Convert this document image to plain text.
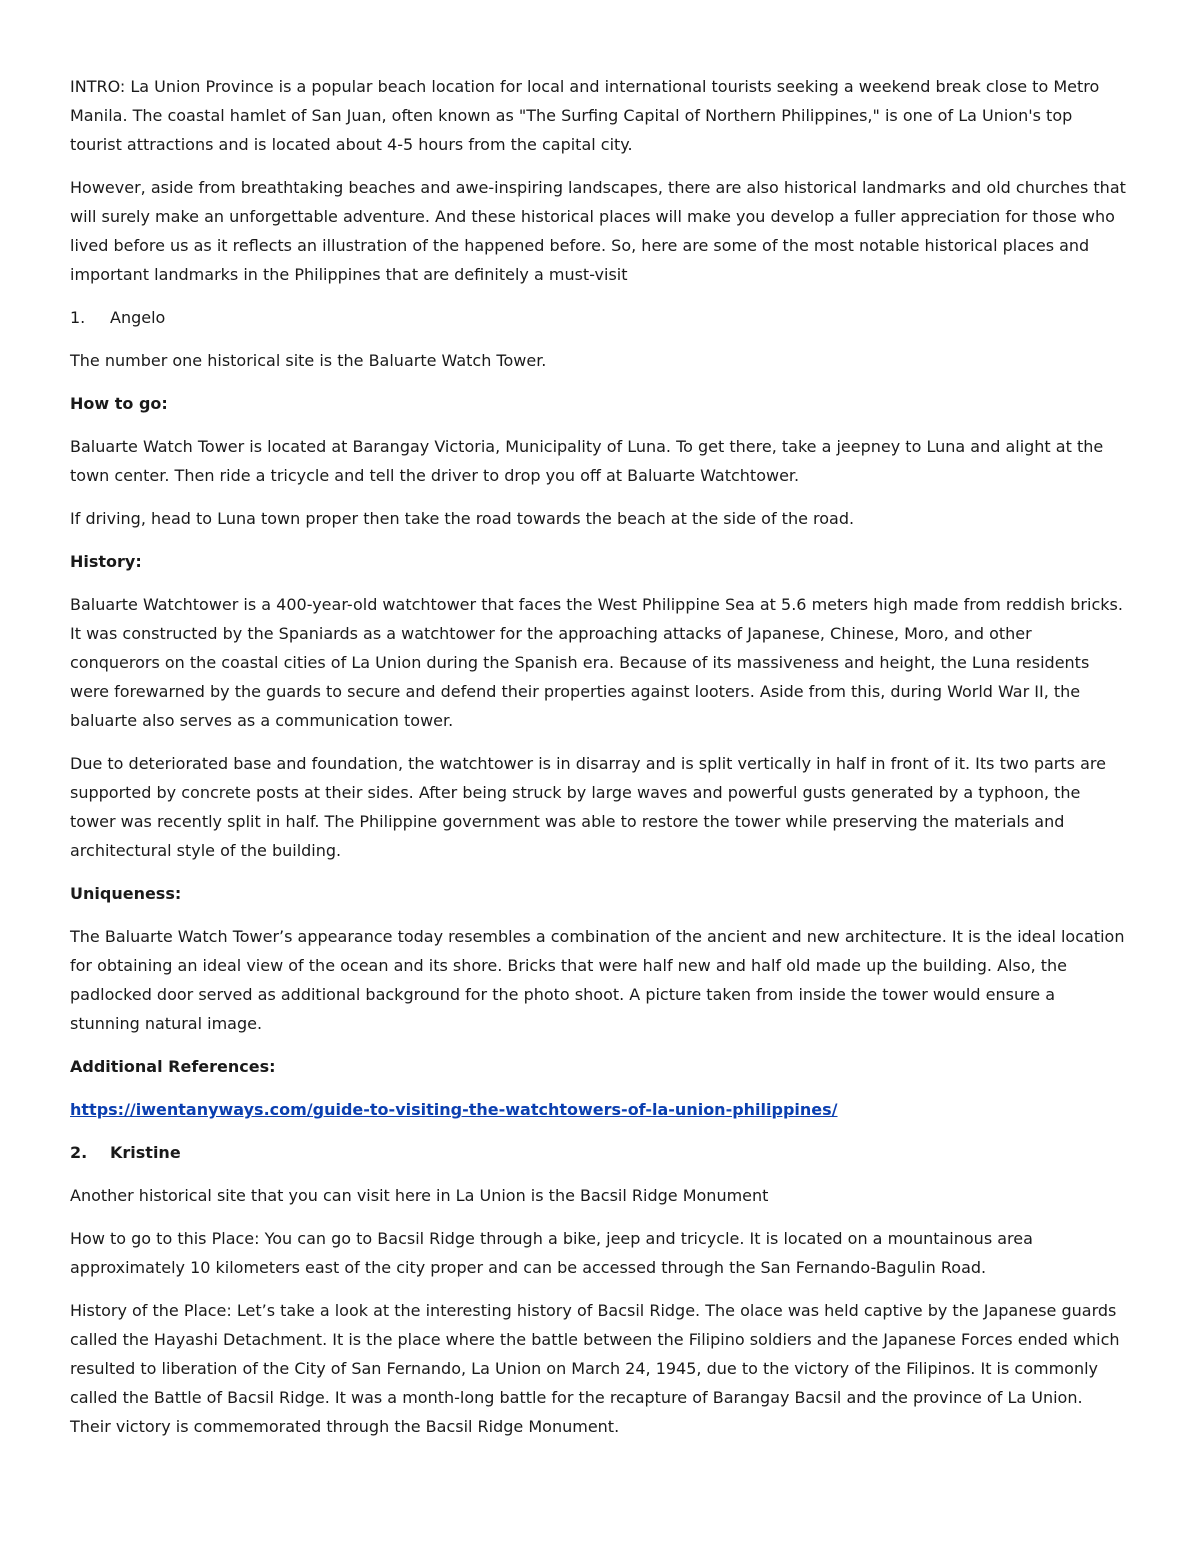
INTRO: La Union Province is a popular beach location for local and international tourists seeking a weekend break close to Metro Manila. The coastal hamlet of San Juan, often known as "The Surfing Capital of Northern Philippines," is one of La Union's top tourist attractions and is located about 4-5 hours from the capital city.

However, aside from breathtaking beaches and awe-inspiring landscapes, there are also historical landmarks and old churches that will surely make an unforgettable adventure. And these historical places will make you develop a fuller appreciation for those who lived before us as it reflects an illustration of the happened before. So, here are some of the most notable historical places and important landmarks in the Philippines that are definitely a must-visit

1.	Angelo

The number one historical site is the Baluarte Watch Tower.

How to go:

Baluarte Watch Tower is located at Barangay Victoria, Municipality of Luna. To get there, take a jeepney to Luna and alight at the town center. Then ride a tricycle and tell the driver to drop you off at Baluarte Watchtower.

If driving, head to Luna town proper then take the road towards the beach at the side of the road.

History:

Baluarte Watchtower is a 400-year-old watchtower that faces the West Philippine Sea at 5.6 meters high made from reddish bricks. It was constructed by the Spaniards as a watchtower for the approaching attacks of Japanese, Chinese, Moro, and other conquerors on the coastal cities of La Union during the Spanish era. Because of its massiveness and height, the Luna residents were forewarned by the guards to secure and defend their properties against looters. Aside from this, during World War II, the baluarte also serves as a communication tower.

Due to deteriorated base and foundation, the watchtower is in disarray and is split vertically in half in front of it. Its two parts are supported by concrete posts at their sides. After being struck by large waves and powerful gusts generated by a typhoon, the tower was recently split in half. The Philippine government was able to restore the tower while preserving the materials and architectural style of the building.

Uniqueness:

The Baluarte Watch Tower’s appearance today resembles a combination of the ancient and new architecture. It is the ideal location for obtaining an ideal view of the ocean and its shore. Bricks that were half new and half old made up the building. Also, the padlocked door served as additional background for the photo shoot. A picture taken from inside the tower would ensure a stunning natural image.

Additional References:

https://iwentanyways.com/guide-to-visiting-the-watchtowers-of-la-union-philippines/

2.	Kristine

Another historical site that you can visit here in La Union is the Bacsil Ridge Monument

How to go to this Place: You can go to Bacsil Ridge through a bike, jeep and tricycle. It is located on a mountainous area approximately 10 kilometers east of the city proper and can be accessed through the San Fernando-Bagulin Road.

History of the Place: Let’s take a look at the interesting history of Bacsil Ridge. The olace was held captive by the Japanese guards called the Hayashi Detachment. It is the place where the battle between the Filipino soldiers and the Japanese Forces ended which resulted to liberation of the City of San Fernando, La Union on March 24, 1945, due to the victory of the Filipinos. It is commonly called the Battle of Bacsil Ridge. It was a month-long battle for the recapture of Barangay Bacsil and the province of La Union. Their victory is commemorated through the Bacsil Ridge Monument.
